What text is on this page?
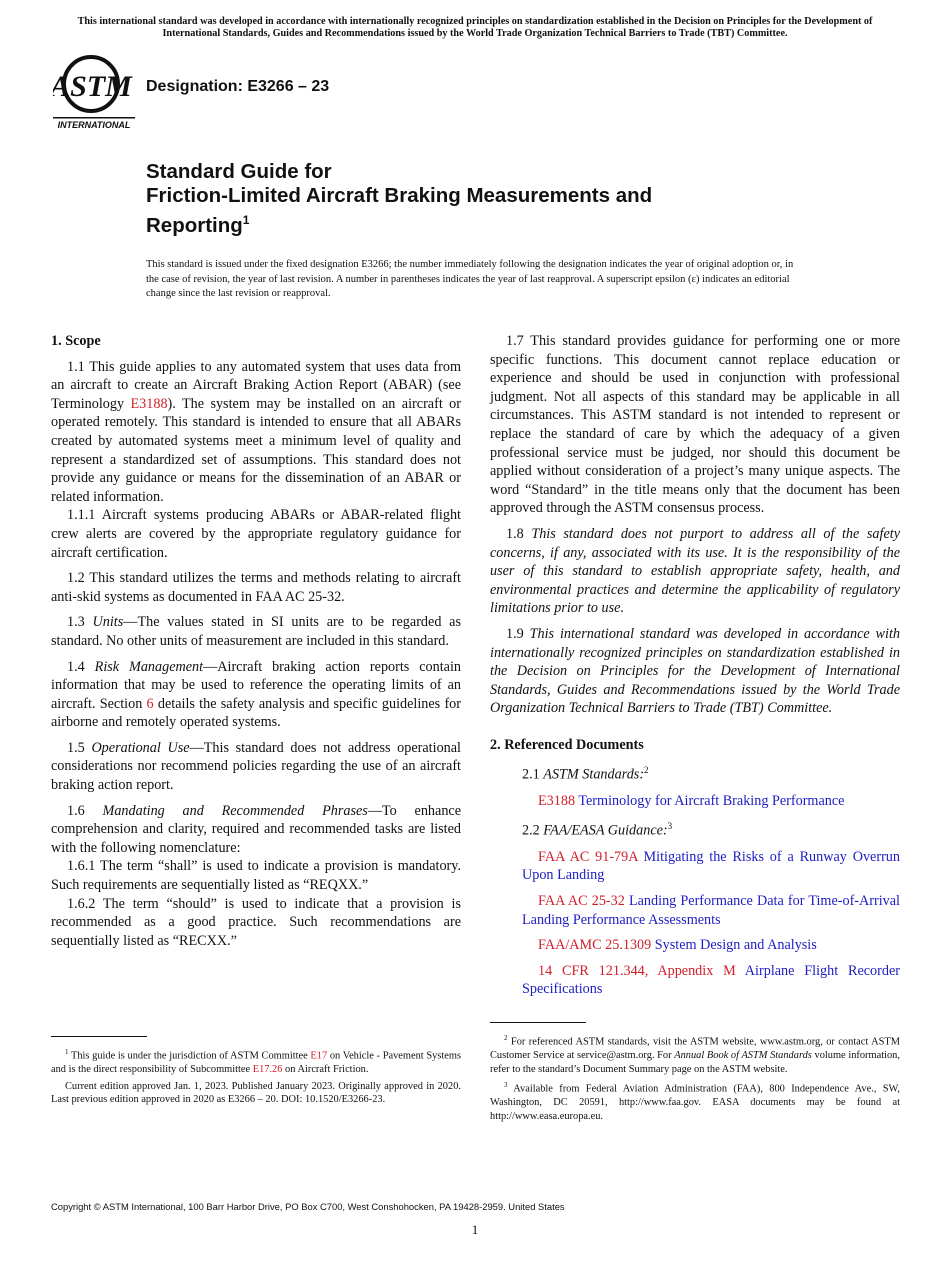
This international standard was developed in accordance with internationally recognized principles on standardization established in the Decision on Principles for the Development of International Standards, Guides and Recommendations issued by the World Trade Organization Technical Barriers to Trade (TBT) Committee.
ASTM
INTERNATIONAL
Designation: E3266 – 23
Standard Guide for
Friction-Limited Aircraft Braking Measurements and
Reporting$^1$

This standard is issued under the fixed designation E3266; the number immediately following the designation indicates the year of original adoption or, in the case of revision, the year of last revision. A number in parentheses indicates the year of last reapproval. A superscript epsilon (ε) indicates an editorial change since the last revision or reapproval.

1. Scope

1.1 This guide applies to any automated system that uses data from an aircraft to create an Aircraft Braking Action Report (ABAR) (see Terminology E3188). The system may be installed on an aircraft or operated remotely. This standard is intended to ensure that all ABARs created by automated systems meet a minimum level of quality and represent a standardized set of assumptions. This standard does not provide any guidance or means for the dissemination of an ABAR or related information.

1.1.1 Aircraft systems producing ABARs or ABAR-related flight crew alerts are covered by the appropriate regulatory guidance for aircraft certification.

1.2 This standard utilizes the terms and methods relating to aircraft anti-skid systems as documented in FAA AC 25-32.

1.3 Units—The values stated in SI units are to be regarded as standard. No other units of measurement are included in this standard.

1.4 Risk Management—Aircraft braking action reports contain information that may be used to reference the operating limits of an aircraft. Section 6 details the safety analysis and specific guidelines for airborne and remotely operated systems.

1.5 Operational Use—This standard does not address operational considerations nor recommend policies regarding the use of an aircraft braking action report.

1.6 Mandating and Recommended Phrases—To enhance comprehension and clarity, required and recommended tasks are listed with the following nomenclature:

1.6.1 The term “shall” is used to indicate a provision is mandatory. Such requirements are sequentially listed as “REQXX.”

1.6.2 The term “should” is used to indicate that a provision is recommended as a good practice. Such recommendations are sequentially listed as “RECXX.”

1.7 This standard provides guidance for performing one or more specific functions. This document cannot replace education or experience and should be used in conjunction with professional judgment. Not all aspects of this standard may be applicable in all circumstances. This ASTM standard is not intended to represent or replace the standard of care by which the adequacy of a given professional service must be judged, nor should this document be applied without consideration of a project’s many unique aspects. The word “Standard” in the title means only that the document has been approved through the ASTM consensus process.

1.8 This standard does not purport to address all of the safety concerns, if any, associated with its use. It is the responsibility of the user of this standard to establish appropriate safety, health, and environmental practices and determine the applicability of regulatory limitations prior to use.

1.9 This international standard was developed in accordance with internationally recognized principles on standardization established in the Decision on Principles for the Development of International Standards, Guides and Recommendations issued by the World Trade Organization Technical Barriers to Trade (TBT) Committee.

2. Referenced Documents

2.1 ASTM Standards:$^2$

E3188 Terminology for Aircraft Braking Performance

2.2 FAA/EASA Guidance:$^3$

FAA AC 91-79A Mitigating the Risks of a Runway Overrun Upon Landing

FAA AC 25-32 Landing Performance Data for Time-of-Arrival Landing Performance Assessments

FAA/AMC 25.1309 System Design and Analysis

14 CFR 121.344, Appendix M Airplane Flight Recorder Specifications

$^1$ This guide is under the jurisdiction of ASTM Committee E17 on Vehicle - Pavement Systems and is the direct responsibility of Subcommittee E17.26 on Aircraft Friction.

Current edition approved Jan. 1, 2023. Published January 2023. Originally approved in 2020. Last previous edition approved in 2020 as E3266 – 20. DOI: 10.1520/E3266-23.

$^2$ For referenced ASTM standards, visit the ASTM website, www.astm.org, or contact ASTM Customer Service at service@astm.org. For Annual Book of ASTM Standards volume information, refer to the standard’s Document Summary page on the ASTM website.

$^3$ Available from Federal Aviation Administration (FAA), 800 Independence Ave., SW, Washington, DC 20591, http://www.faa.gov. EASA documents may be found at http://www.easa.europa.eu.

Copyright © ASTM International, 100 Barr Harbor Drive, PO Box C700, West Conshohocken, PA 19428-2959. United States
1
